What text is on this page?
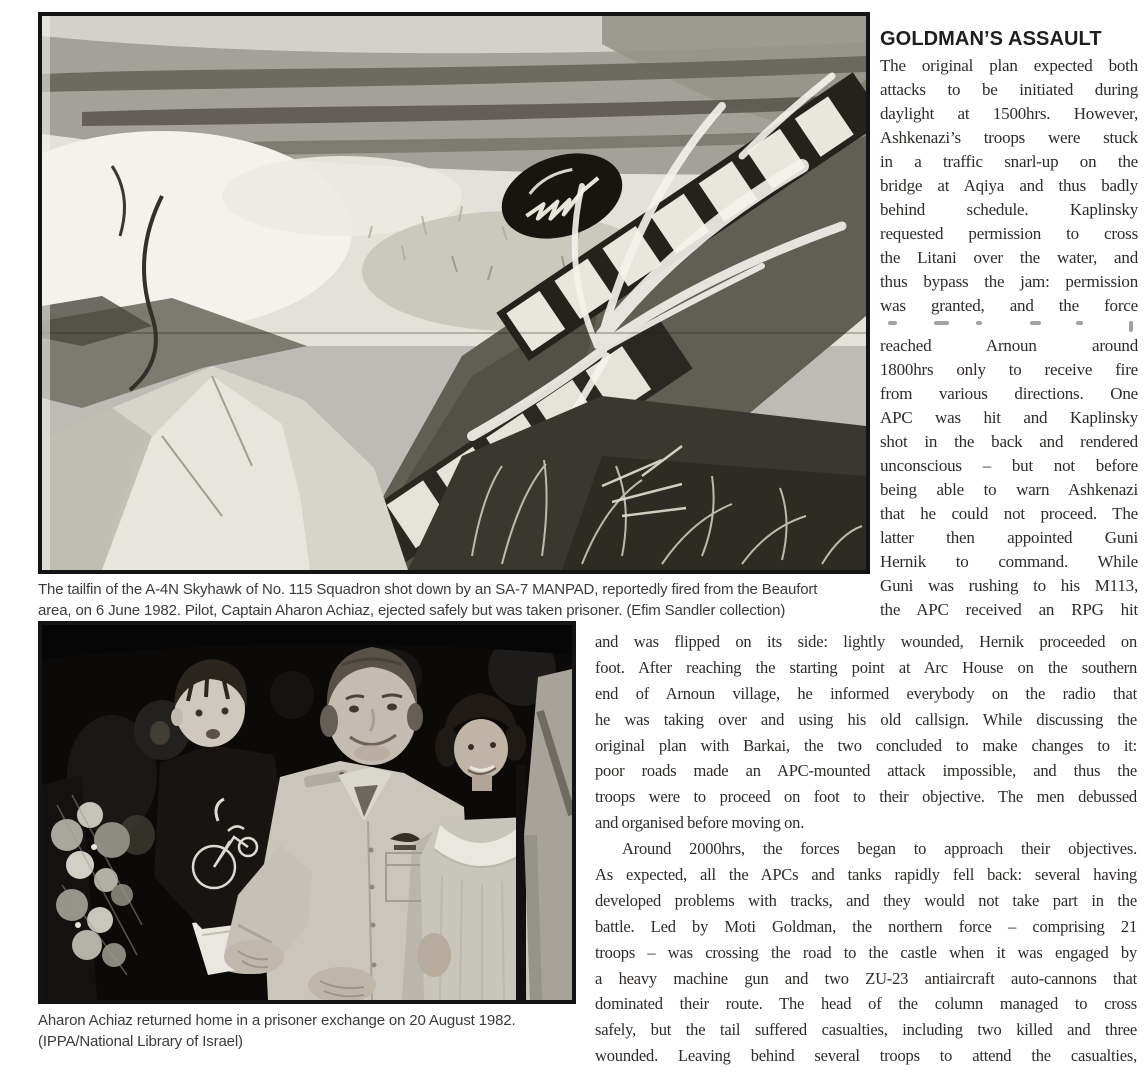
The tailfin of the A-4N Skyhawk of No. 115 Squadron shot down by an SA-7 MANPAD, reportedly fired from the Beaufort
area, on 6 June 1982. Pilot, Captain Aharon Achiaz, ejected safely but was taken prisoner. (Efim Sandler collection)
Aharon Achiaz returned home in a prisoner exchange on 20 August 1982.
(IPPA/National Library of Israel)
GOLDMAN’S ASSAULT
The original plan expected both
attacks to be initiated during
daylight at 1500hrs. However,
Ashkenazi’s troops were stuck
in a traffic snarl-up on the
bridge at Aqiya and thus badly
behind schedule. Kaplinsky
requested permission to cross
the Litani over the water, and
thus bypass the jam: permission
was granted, and the force
reached Arnoun around
1800hrs only to receive fire
from various directions. One
APC was hit and Kaplinsky
shot in the back and rendered
unconscious – but not before
being able to warn Ashkenazi
that he could not proceed. The
latter then appointed Guni
Hernik to command. While
Guni was rushing to his M113,
the APC received an RPG hit
and was flipped on its side: lightly wounded, Hernik proceeded on
foot. After reaching the starting point at Arc House on the southern
end of Arnoun village, he informed everybody on the radio that
he was taking over and using his old callsign. While discussing the
original plan with Barkai, the two concluded to make changes to it:
poor roads made an APC-mounted attack impossible, and thus the
troops were to proceed on foot to their objective. The men debussed
and organised before moving on.
Around 2000hrs, the forces began to approach their objectives.
As expected, all the APCs and tanks rapidly fell back: several having
developed problems with tracks, and they would not take part in the
battle. Led by Moti Goldman, the northern force – comprising 21
troops – was crossing the road to the castle when it was engaged by
a heavy machine gun and two ZU-23 antiaircraft auto-cannons that
dominated their route. The head of the column managed to cross
safely, but the tail suffered casualties, including two killed and three
wounded. Leaving behind several troops to attend the casualties,
